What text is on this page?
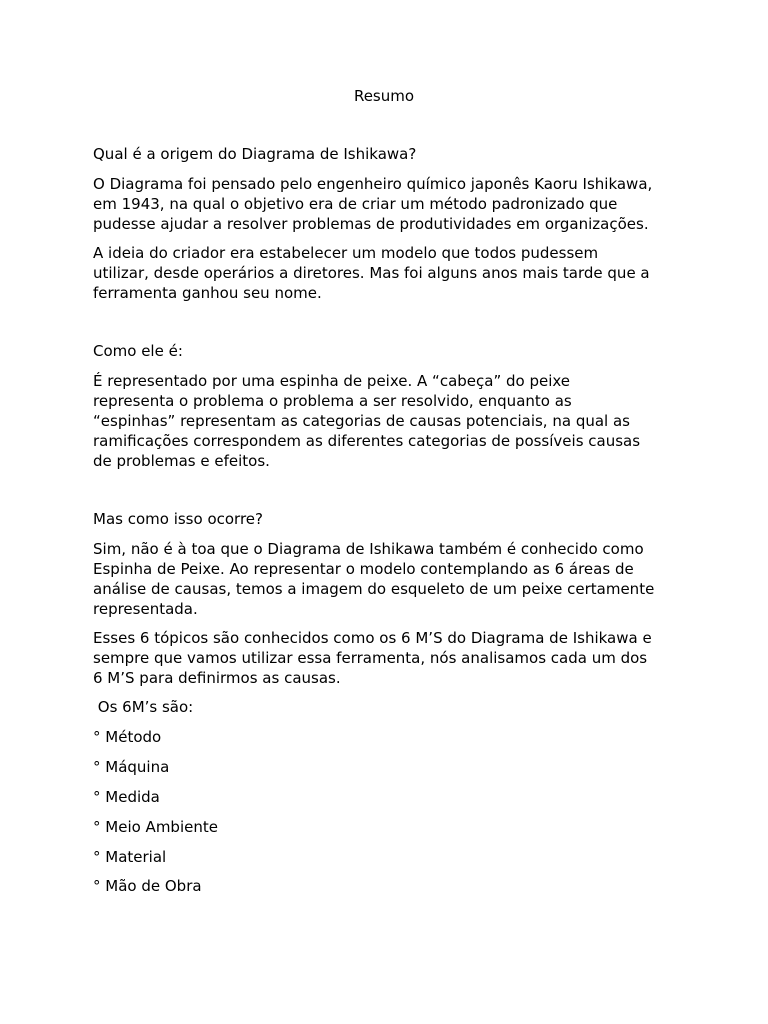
Resumo

Qual é a origem do Diagrama de Ishikawa?

O Diagrama foi pensado pelo engenheiro químico japonês Kaoru Ishikawa,
em 1943, na qual o objetivo era de criar um método padronizado que
pudesse ajudar a resolver problemas de produtividades em organizações.

A ideia do criador era estabelecer um modelo que todos pudessem
utilizar, desde operários a diretores. Mas foi alguns anos mais tarde que a
ferramenta ganhou seu nome.

Como ele é:

É representado por uma espinha de peixe. A “cabeça” do peixe
representa o problema o problema a ser resolvido, enquanto as
“espinhas” representam as categorias de causas potenciais, na qual as
ramificações correspondem as diferentes categorias de possíveis causas
de problemas e efeitos.

Mas como isso ocorre?

Sim, não é à toa que o Diagrama de Ishikawa também é conhecido como
Espinha de Peixe. Ao representar o modelo contemplando as 6 áreas de
análise de causas, temos a imagem do esqueleto de um peixe certamente
representada.

Esses 6 tópicos são conhecidos como os 6 M’S do Diagrama de Ishikawa e
sempre que vamos utilizar essa ferramenta, nós analisamos cada um dos
6 M’S para definirmos as causas.

Os 6M’s são:

° Método

° Máquina

° Medida

° Meio Ambiente

° Material

° Mão de Obra
